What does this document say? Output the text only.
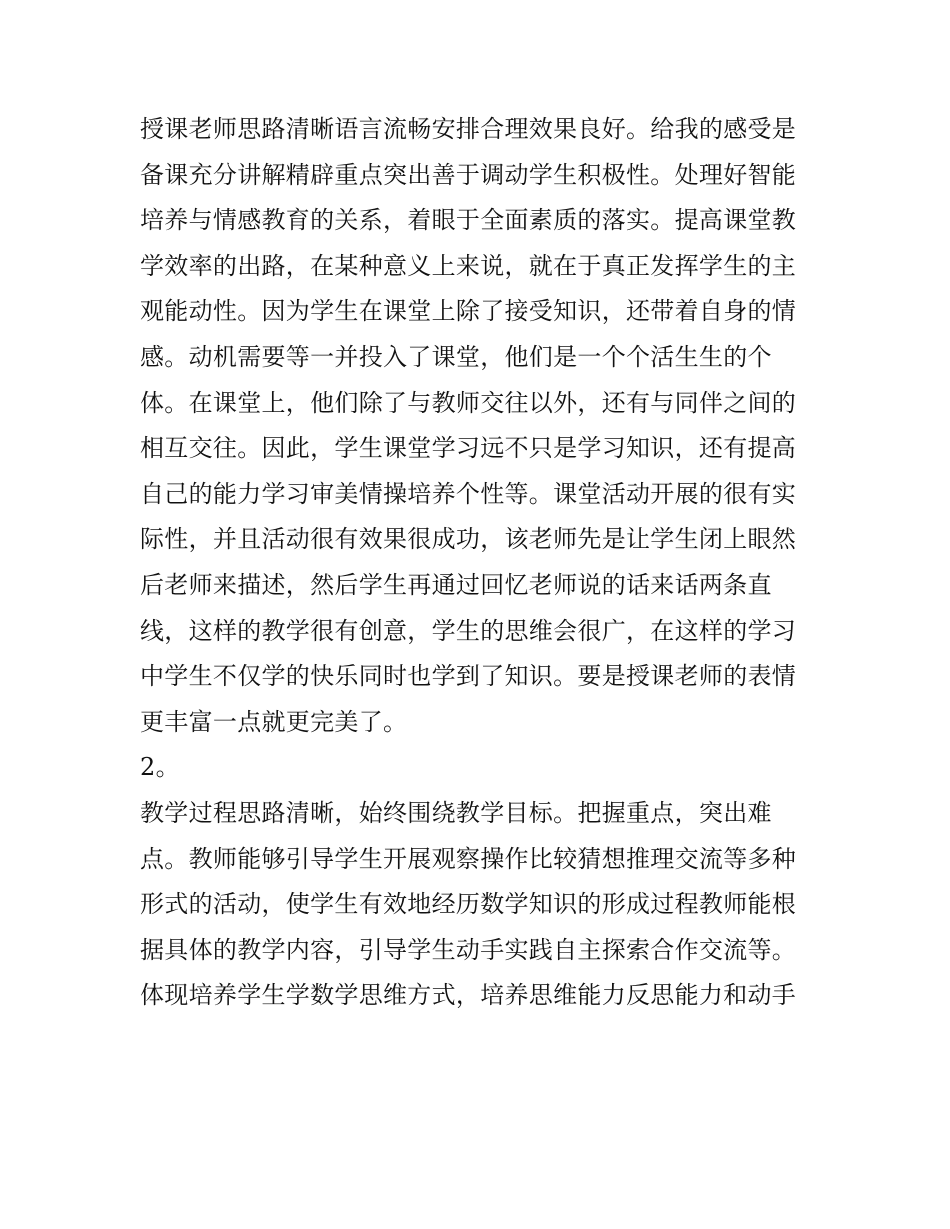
授课老师思路清晰语言流畅安排合理效果良好。给我的感受是
备课充分讲解精辟重点突出善于调动学生积极性。处理好智能
培养与情感教育的关系，着眼于全面素质的落实。提高课堂教
学效率的出路，在某种意义上来说，就在于真正发挥学生的主
观能动性。因为学生在课堂上除了接受知识，还带着自身的情
感。动机需要等一并投入了课堂，他们是一个个活生生的个
体。在课堂上，他们除了与教师交往以外，还有与同伴之间的
相互交往。因此，学生课堂学习远不只是学习知识，还有提高
自己的能力学习审美情操培养个性等。课堂活动开展的很有实
际性，并且活动很有效果很成功，该老师先是让学生闭上眼然
后老师来描述，然后学生再通过回忆老师说的话来话两条直
线，这样的教学很有创意，学生的思维会很广，在这样的学习
中学生不仅学的快乐同时也学到了知识。要是授课老师的表情
更丰富一点就更完美了。
2。
教学过程思路清晰，始终围绕教学目标。把握重点，突出难
点。教师能够引导学生开展观察操作比较猜想推理交流等多种
形式的活动，使学生有效地经历数学知识的形成过程教师能根
据具体的教学内容，引导学生动手实践自主探索合作交流等。
体现培养学生学数学思维方式，培养思维能力反思能力和动手
